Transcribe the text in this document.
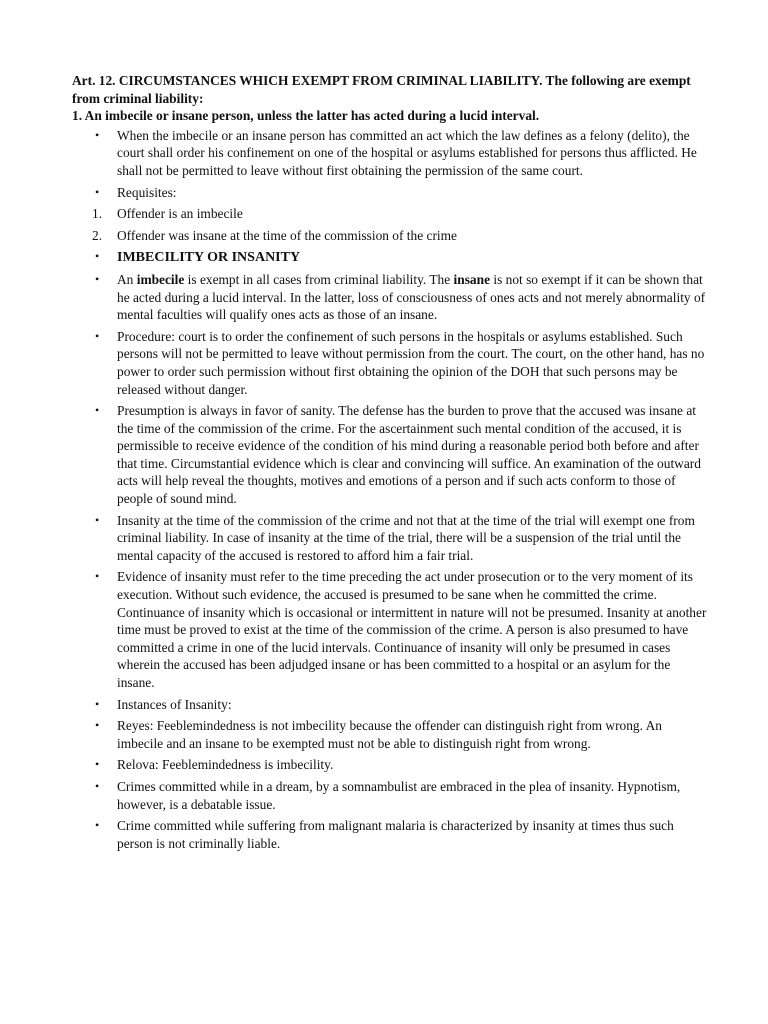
Art. 12. CIRCUMSTANCES WHICH EXEMPT FROM CRIMINAL LIABILITY. The following are exempt from criminal liability:

1. An imbecile or insane person, unless the latter has acted during a lucid interval.

• When the imbecile or an insane person has committed an act which the law defines as a felony (delito), the court shall order his confinement on one of the hospital or asylums established for persons thus afflicted. He shall not be permitted to leave without first obtaining the permission of the same court.
• Requisites:
1. Offender is an imbecile
2. Offender was insane at the time of the commission of the crime
• IMBECILITY OR INSANITY
• An imbecile is exempt in all cases from criminal liability. The insane is not so exempt if it can be shown that he acted during a lucid interval. In the latter, loss of consciousness of ones acts and not merely abnormality of mental faculties will qualify ones acts as those of an insane.
• Procedure: court is to order the confinement of such persons in the hospitals or asylums established. Such persons will not be permitted to leave without permission from the court. The court, on the other hand, has no power to order such permission without first obtaining the opinion of the DOH that such persons may be released without danger.
• Presumption is always in favor of sanity. The defense has the burden to prove that the accused was insane at the time of the commission of the crime. For the ascertainment such mental condition of the accused, it is permissible to receive evidence of the condition of his mind during a reasonable period both before and after that time. Circumstantial evidence which is clear and convincing will suffice. An examination of the outward acts will help reveal the thoughts, motives and emotions of a person and if such acts conform to those of people of sound mind.
• Insanity at the time of the commission of the crime and not that at the time of the trial will exempt one from criminal liability. In case of insanity at the time of the trial, there will be a suspension of the trial until the mental capacity of the accused is restored to afford him a fair trial.
• Evidence of insanity must refer to the time preceding the act under prosecution or to the very moment of its execution. Without such evidence, the accused is presumed to be sane when he committed the crime. Continuance of insanity which is occasional or intermittent in nature will not be presumed. Insanity at another time must be proved to exist at the time of the commission of the crime. A person is also presumed to have committed a crime in one of the lucid intervals. Continuance of insanity will only be presumed in cases wherein the accused has been adjudged insane or has been committed to a hospital or an asylum for the insane.
• Instances of Insanity:
• Reyes: Feeblemindedness is not imbecility because the offender can distinguish right from wrong. An imbecile and an insane to be exempted must not be able to distinguish right from wrong.
• Relova: Feeblemindedness is imbecility.
• Crimes committed while in a dream, by a somnambulist are embraced in the plea of insanity. Hypnotism, however, is a debatable issue.
• Crime committed while suffering from malignant malaria is characterized by insanity at times thus such person is not criminally liable.
